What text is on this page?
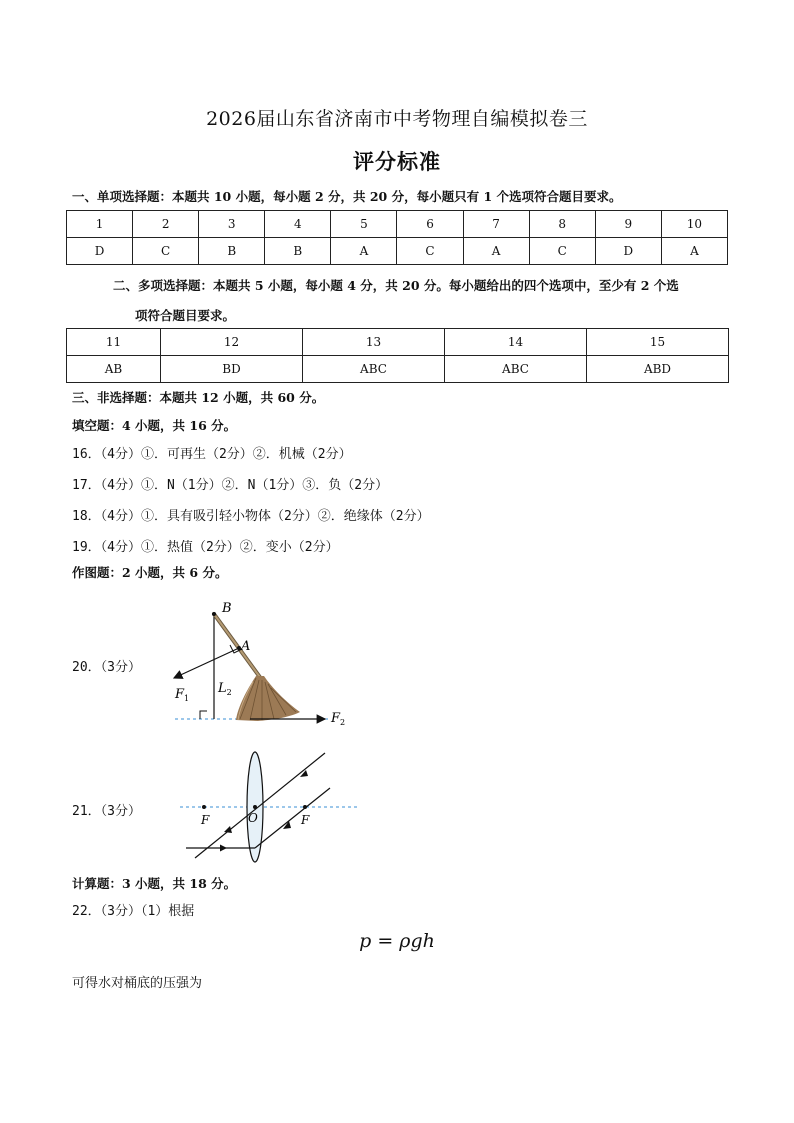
2026届山东省济南市中考物理自编模拟卷三
评分标准
一、单项选择题：本题共 10 小题，每小题 2 分，共 20 分，每小题只有 1 个选项符合题目要求。
1	2	3	4	5	6	7	8	9	10
D	C	B	B	A	C	A	C	D	A
二、多项选择题：本题共 5 小题，每小题 4 分，共 20 分。每小题给出的四个选项中，至少有 2 个选
项符合题目要求。
11	12	13	14	15
AB	BD	ABC	ABC	ABD
三、非选择题：本题共 12 小题，共 60 分。
填空题：4 小题，共 16 分。
16．（4分）①．可再生（2分）②．机械（2分）
17．（4分）①．N（1分）②．N（1分）③．负（2分）
18．（4分）①．具有吸引轻小物体（2分）②．绝缘体（2分）
19．（4分）①．热值（2分）②．变小（2分）
作图题：2 小题，共 6 分。
20．（3分）
B
A
$F_1$
$L_2$
$F_2$
21．（3分）
F	O	F
计算题：3 小题，共 18 分。
22．（3分）（1）根据
p = ρgh
可得水对桶底的压强为
